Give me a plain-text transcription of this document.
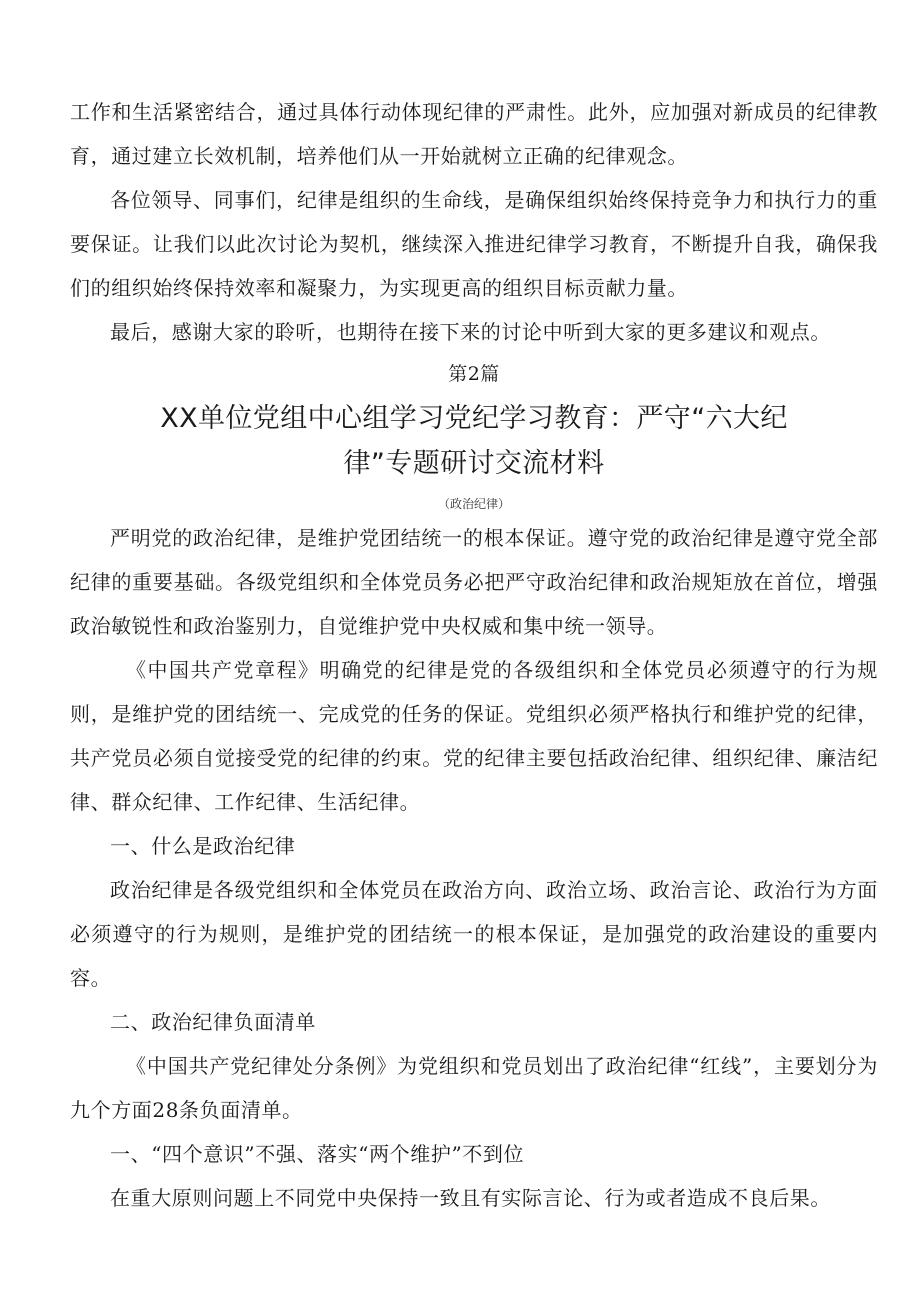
工作和生活紧密结合，通过具体行动体现纪律的严肃性。此外，应加强对新成员的纪律教育，通过建立长效机制，培养他们从一开始就树立正确的纪律观念。

各位领导、同事们，纪律是组织的生命线，是确保组织始终保持竞争力和执行力的重要保证。让我们以此次讨论为契机，继续深入推进纪律学习教育，不断提升自我，确保我们的组织始终保持效率和凝聚力，为实现更高的组织目标贡献力量。

最后，感谢大家的聆听，也期待在接下来的讨论中听到大家的更多建议和观点。

第2篇
XX单位党组中心组学习党纪学习教育：严守“六大纪律”专题研讨交流材料
（政治纪律）

严明党的政治纪律，是维护党团结统一的根本保证。遵守党的政治纪律是遵守党全部纪律的重要基础。各级党组织和全体党员务必把严守政治纪律和政治规矩放在首位，增强政治敏锐性和政治鉴别力，自觉维护党中央权威和集中统一领导。

《中国共产党章程》明确党的纪律是党的各级组织和全体党员必须遵守的行为规则，是维护党的团结统一、完成党的任务的保证。党组织必须严格执行和维护党的纪律，共产党员必须自觉接受党的纪律的约束。党的纪律主要包括政治纪律、组织纪律、廉洁纪律、群众纪律、工作纪律、生活纪律。

一、什么是政治纪律

政治纪律是各级党组织和全体党员在政治方向、政治立场、政治言论、政治行为方面必须遵守的行为规则，是维护党的团结统一的根本保证，是加强党的政治建设的重要内容。

二、政治纪律负面清单

《中国共产党纪律处分条例》为党组织和党员划出了政治纪律“红线”，主要划分为九个方面28条负面清单。

一、“四个意识”不强、落实“两个维护”不到位

在重大原则问题上不同党中央保持一致且有实际言论、行为或者造成不良后果。
